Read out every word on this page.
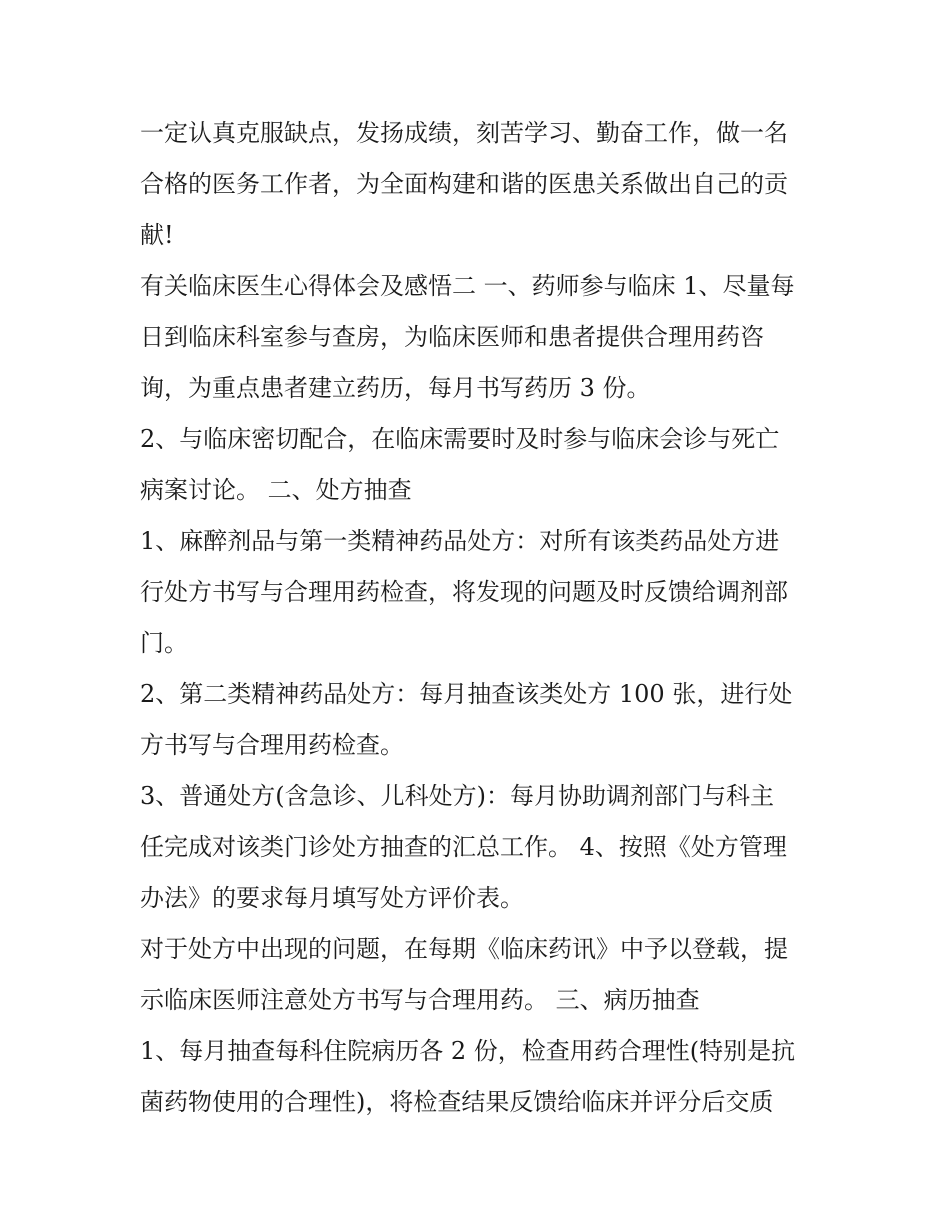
一定认真克服缺点，发扬成绩，刻苦学习、勤奋工作，做一名
合格的医务工作者，为全面构建和谐的医患关系做出自己的贡
献!
有关临床医生心得体会及感悟二 一、药师参与临床 1、尽量每
日到临床科室参与查房，为临床医师和患者提供合理用药咨
询，为重点患者建立药历，每月书写药历 3 份。
2、与临床密切配合，在临床需要时及时参与临床会诊与死亡
病案讨论。 二、处方抽查
1、麻醉剂品与第一类精神药品处方：对所有该类药品处方进
行处方书写与合理用药检查，将发现的问题及时反馈给调剂部
门。
2、第二类精神药品处方：每月抽查该类处方 100 张，进行处
方书写与合理用药检查。
3、普通处方(含急诊、儿科处方)：每月协助调剂部门与科主
任完成对该类门诊处方抽查的汇总工作。 4、按照《处方管理
办法》的要求每月填写处方评价表。
对于处方中出现的问题，在每期《临床药讯》中予以登载，提
示临床医师注意处方书写与合理用药。 三、病历抽查
1、每月抽查每科住院病历各 2 份，检查用药合理性(特别是抗
菌药物使用的合理性)，将检查结果反馈给临床并评分后交质
